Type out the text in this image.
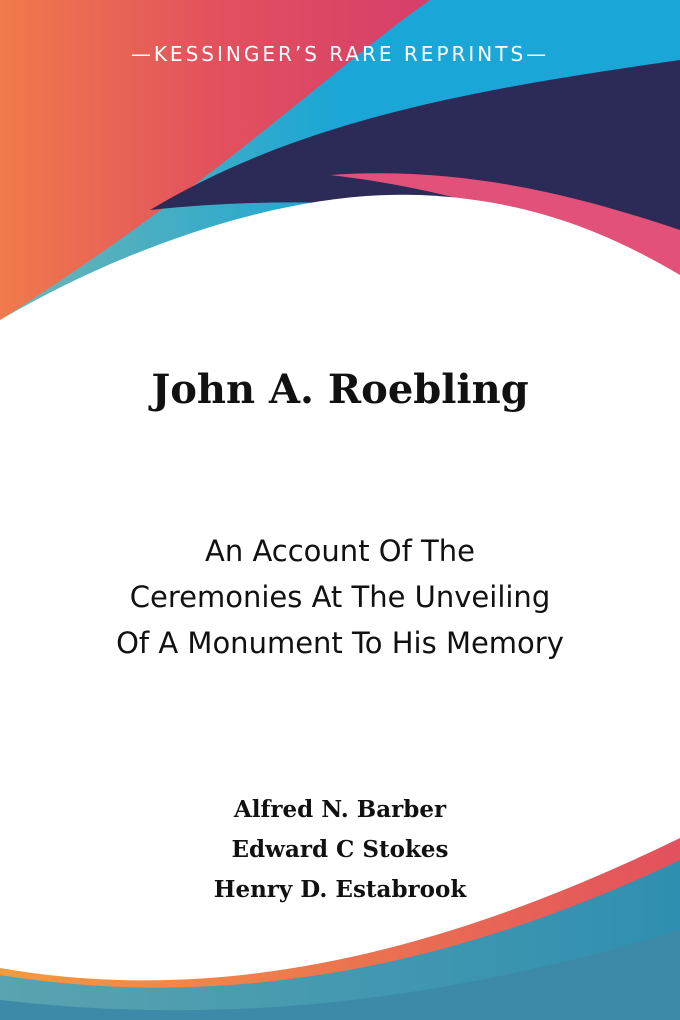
—KESSINGER’S RARE REPRINTS—
John A. Roebling
An Account Of The
Ceremonies At The Unveiling
Of A Monument To His Memory
Alfred N. Barber
Edward C Stokes
Henry D. Estabrook
